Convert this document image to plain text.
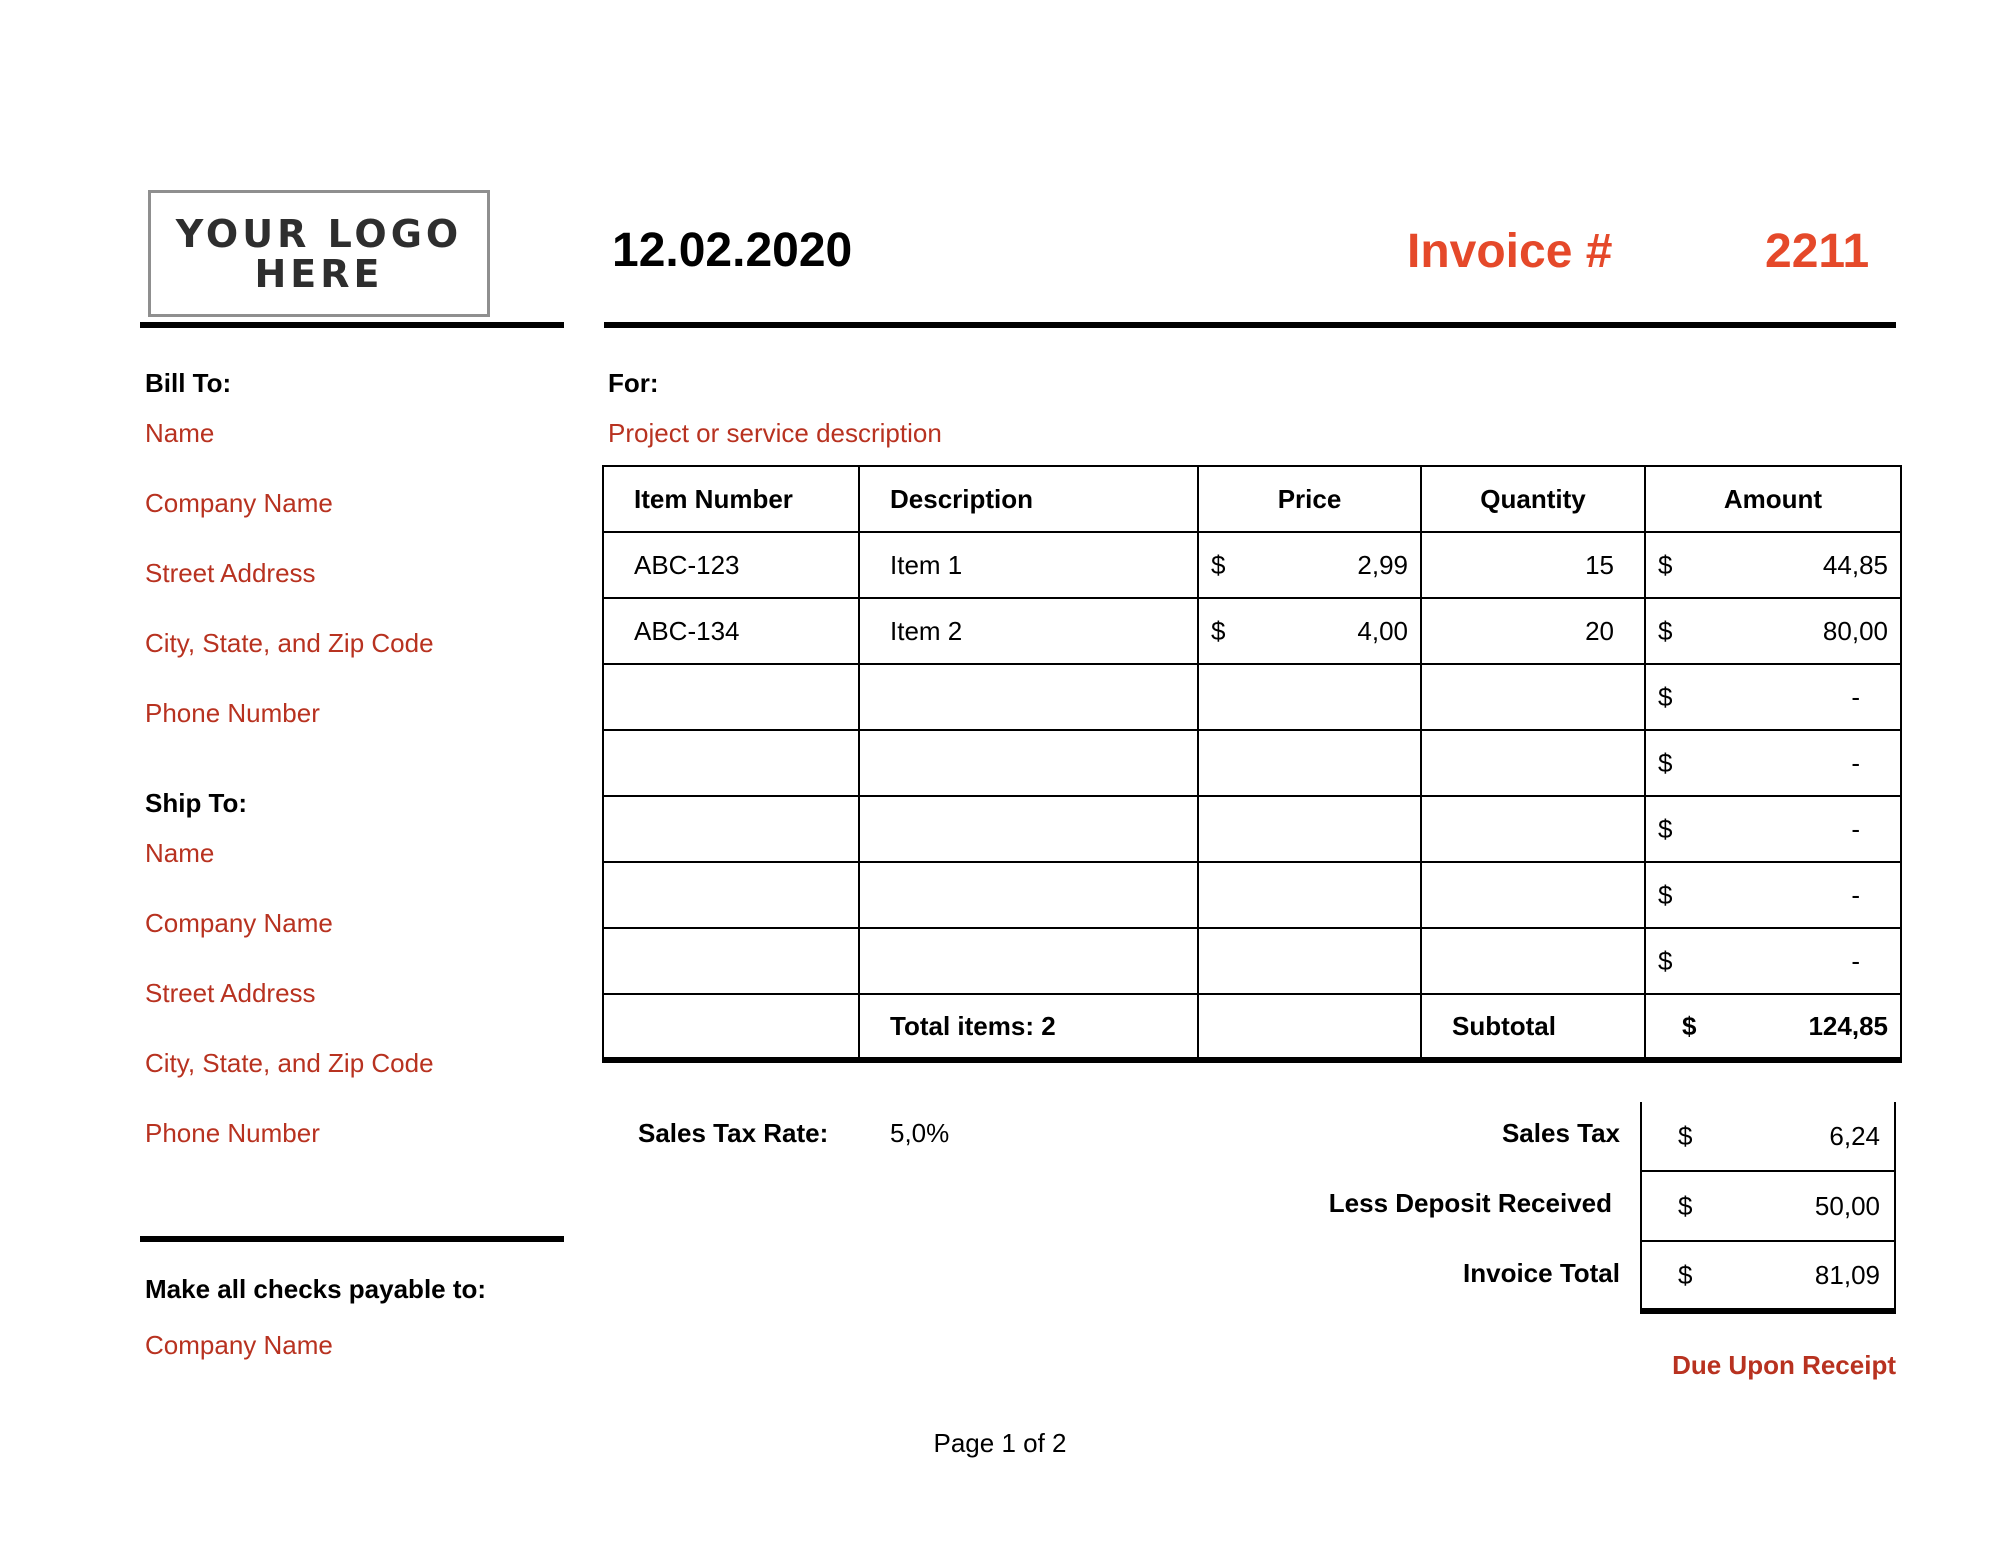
YOUR LOGO
HERE	12.02.2020	Invoice #	2211
Bill To:
Name
Company Name
Street Address
City, State, and Zip Code
Phone Number
Ship To:
Name
Company Name
Street Address
City, State, and Zip Code
Phone Number
Make all checks payable to:
Company Name
For:
Project or service description
Item Number	Description	Price	Quantity	Amount
ABC-123	Item 1	$ 2,99	15	$ 44,85

ABC-134	Item 2	$ 4,00	20	$ 80,00

				$ -

				$ -

				$ -

				$ -

				$ -

	Total items: 2		Subtotal	$ 124,85
Sales Tax Rate: 5,0%	Sales Tax $	6,24
Less Deposit Received	$	50,00
Invoice Total $	81,09
Due Upon Receipt
Page 1 of 2
